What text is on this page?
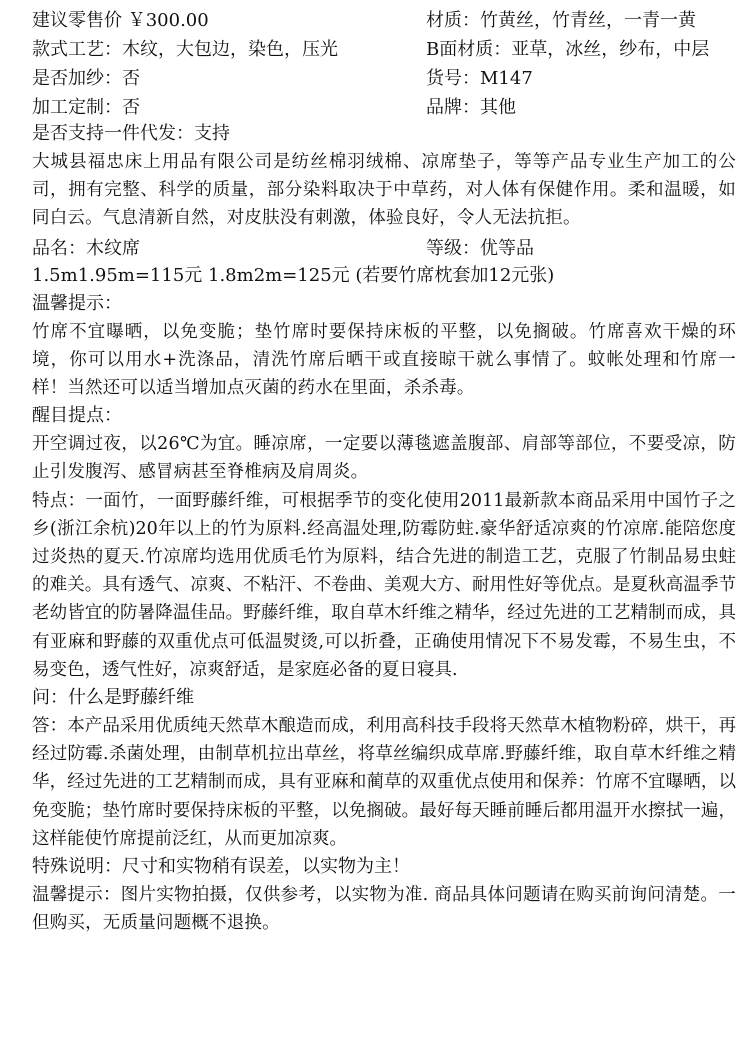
建议零售价 ￥300.00	材质：竹黄丝，竹青丝，一青一黄
款式工艺：木纹，大包边，染色，压光	B面材质：亚草，冰丝，纱布，中层
是否加纱：否	货号：M147
加工定制：否	品牌：其他
是否支持一件代发：支持
大城县福忠床上用品有限公司是纺丝棉羽绒棉、凉席垫子，等等产品专业生产加工的公司，拥有完整、科学的质量，部分染料取决于中草药，对人体有保健作用。柔和温暖，如同白云。气息清新自然，对皮肤没有刺激，体验良好，令人无法抗拒。
品名：木纹席	等级：优等品
1.5m1.95m=115元 1.8m2m=125元 (若要竹席枕套加12元张)
温馨提示：
竹席不宜曝晒，以免变脆；垫竹席时要保持床板的平整，以免搁破。竹席喜欢干燥的环境，你可以用水+洗涤品，清洗竹席后晒干或直接晾干就么事情了。蚊帐处理和竹席一样！当然还可以适当增加点灭菌的药水在里面，杀杀毒。
醒目提点：
开空调过夜，以26℃为宜。睡凉席，一定要以薄毯遮盖腹部、肩部等部位，不要受凉，防止引发腹泻、感冒病甚至脊椎病及肩周炎。
特点：一面竹，一面野藤纤维，可根据季节的变化使用2011最新款本商品采用中国竹子之乡(浙江余杭)20年以上的竹为原料.经高温处理,防霉防蛀.豪华舒适凉爽的竹凉席.能陪您度过炎热的夏天.竹凉席均选用优质毛竹为原料，结合先进的制造工艺，克服了竹制品易虫蛀的难关。具有透气、凉爽、不粘汗、不卷曲、美观大方、耐用性好等优点。是夏秋高温季节老幼皆宜的防暑降温佳品。野藤纤维，取自草木纤维之精华，经过先进的工艺精制而成，具有亚麻和野藤的双重优点可低温熨烫,可以折叠，正确使用情况下不易发霉，不易生虫，不易变色，透气性好，凉爽舒适，是家庭必备的夏日寝具.
问：什么是野藤纤维
答：本产品采用优质纯天然草木酿造而成，利用高科技手段将天然草木植物粉碎，烘干，再经过防霉.杀菌处理，由制草机拉出草丝，将草丝编织成草席.野藤纤维，取自草木纤维之精华，经过先进的工艺精制而成，具有亚麻和蔺草的双重优点使用和保养：竹席不宜曝晒，以免变脆；垫竹席时要保持床板的平整，以免搁破。最好每天睡前睡后都用温开水擦拭一遍，这样能使竹席提前泛红，从而更加凉爽。
特殊说明：尺寸和实物稍有误差，以实物为主！
温馨提示：图片实物拍摄，仅供参考，以实物为准. 商品具体问题请在购买前询问清楚。一但购买，无质量问题概不退换。
